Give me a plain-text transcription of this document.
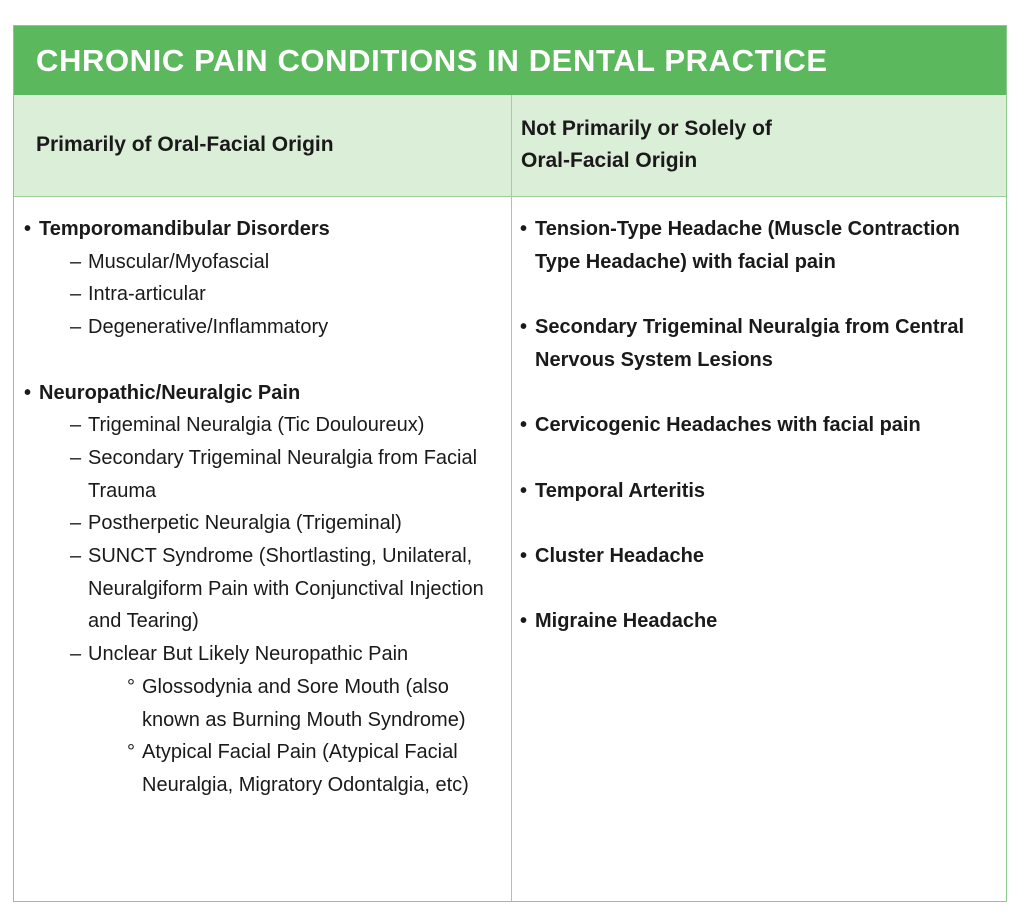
CHRONIC PAIN CONDITIONS IN DENTAL PRACTICE
Primarily of Oral-Facial Origin
Not Primarily or Solely of
Oral-Facial Origin
• Temporomandibular Disorders
– Muscular/Myofascial
– Intra-articular
– Degenerative/Inflammatory
• Neuropathic/Neuralgic Pain
– Trigeminal Neuralgia (Tic Douloureux)
– Secondary Trigeminal Neuralgia from Facial Trauma
– Postherpetic Neuralgia (Trigeminal)
– SUNCT Syndrome (Shortlasting, Unilateral, Neuralgiform Pain with Conjunctival Injection and Tearing)
– Unclear But Likely Neuropathic Pain
° Glossodynia and Sore Mouth (also known as Burning Mouth Syndrome)
° Atypical Facial Pain (Atypical Facial Neuralgia, Migratory Odontalgia, etc)
• Tension-Type Headache (Muscle Contraction Type Headache) with facial pain
• Secondary Trigeminal Neuralgia from Central Nervous System Lesions
• Cervicogenic Headaches with facial pain
• Temporal Arteritis
• Cluster Headache
• Migraine Headache
